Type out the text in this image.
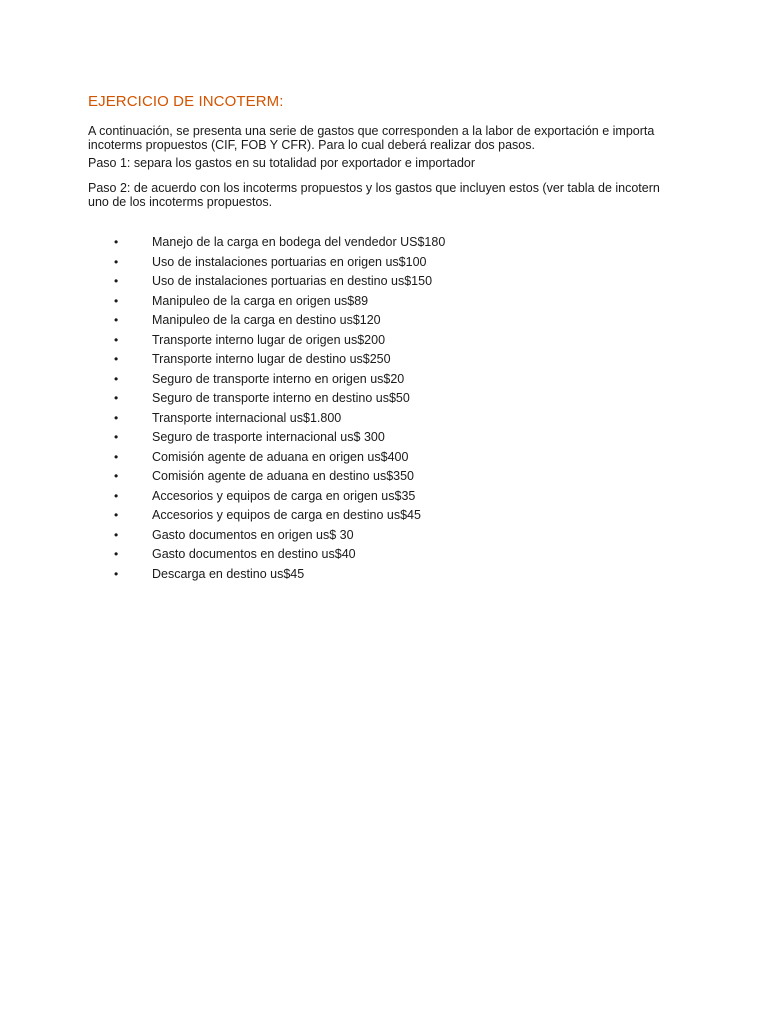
EJERCICIO DE INCOTERM:

A continuación, se presenta una serie de gastos que corresponden a la labor de exportación e importa
incoterms propuestos (CIF, FOB Y CFR). Para lo cual deberá realizar dos pasos.

Paso 1: separa los gastos en su totalidad por exportador e importador

Paso 2: de acuerdo con los incoterms propuestos y los gastos que incluyen estos (ver tabla de incotern
uno de los incoterms propuestos.

•	Manejo de la carga en bodega del vendedor US$180
•	Uso de instalaciones portuarias en origen us$100
•	Uso de instalaciones portuarias en destino us$150
•	Manipuleo de la carga en origen us$89
•	Manipuleo de la carga en destino us$120
•	Transporte interno lugar de origen us$200
•	Transporte interno lugar de destino us$250
•	Seguro de transporte interno en origen us$20
•	Seguro de transporte interno en destino us$50
•	Transporte internacional us$1.800
•	Seguro de trasporte internacional us$ 300
•	Comisión agente de aduana en origen us$400
•	Comisión agente de aduana en destino us$350
•	Accesorios y equipos de carga en origen us$35
•	Accesorios y equipos de carga en destino us$45
•	Gasto documentos en origen us$ 30
•	Gasto documentos en destino us$40
•	Descarga en destino us$45
